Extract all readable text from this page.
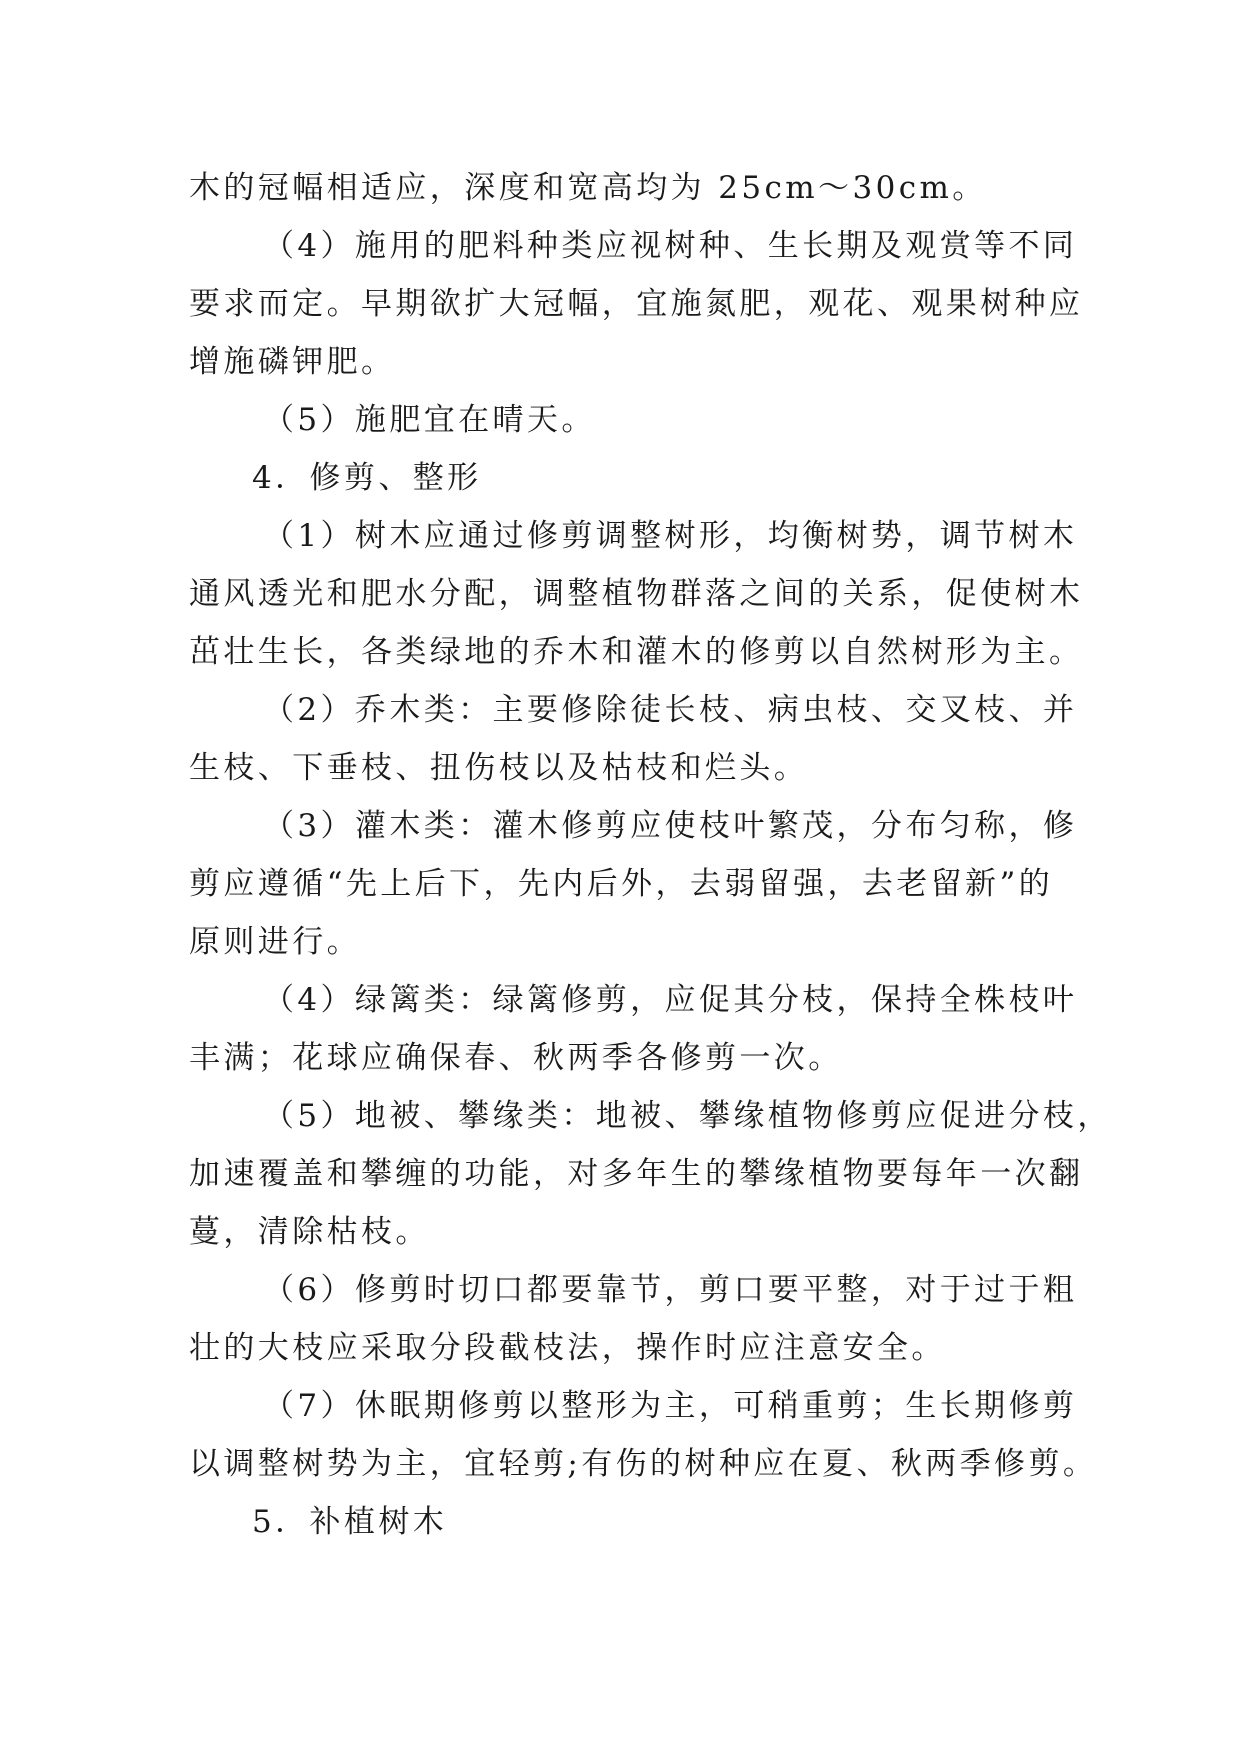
木的冠幅相适应，深度和宽高均为 25cm～30cm。

（4）施用的肥料种类应视树种、生长期及观赏等不同

要求而定。早期欲扩大冠幅，宜施氮肥，观花、观果树种应

增施磷钾肥。

（5）施肥宜在晴天。

4．修剪、整形

（1）树木应通过修剪调整树形，均衡树势，调节树木

通风透光和肥水分配，调整植物群落之间的关系，促使树木

茁壮生长，各类绿地的乔木和灌木的修剪以自然树形为主。

（2）乔木类：主要修除徒长枝、病虫枝、交叉枝、并

生枝、下垂枝、扭伤枝以及枯枝和烂头。

（3）灌木类：灌木修剪应使枝叶繁茂，分布匀称，修

剪应遵循“先上后下，先内后外，去弱留强，去老留新”的

原则进行。

（4）绿篱类：绿篱修剪，应促其分枝，保持全株枝叶

丰满；花球应确保春、秋两季各修剪一次。

（5）地被、攀缘类：地被、攀缘植物修剪应促进分枝，

加速覆盖和攀缠的功能，对多年生的攀缘植物要每年一次翻

蔓，清除枯枝。

（6）修剪时切口都要靠节，剪口要平整，对于过于粗

壮的大枝应采取分段截枝法，操作时应注意安全。

（7）休眠期修剪以整形为主，可稍重剪；生长期修剪

以调整树势为主，宜轻剪;有伤的树种应在夏、秋两季修剪。

5．补植树木
